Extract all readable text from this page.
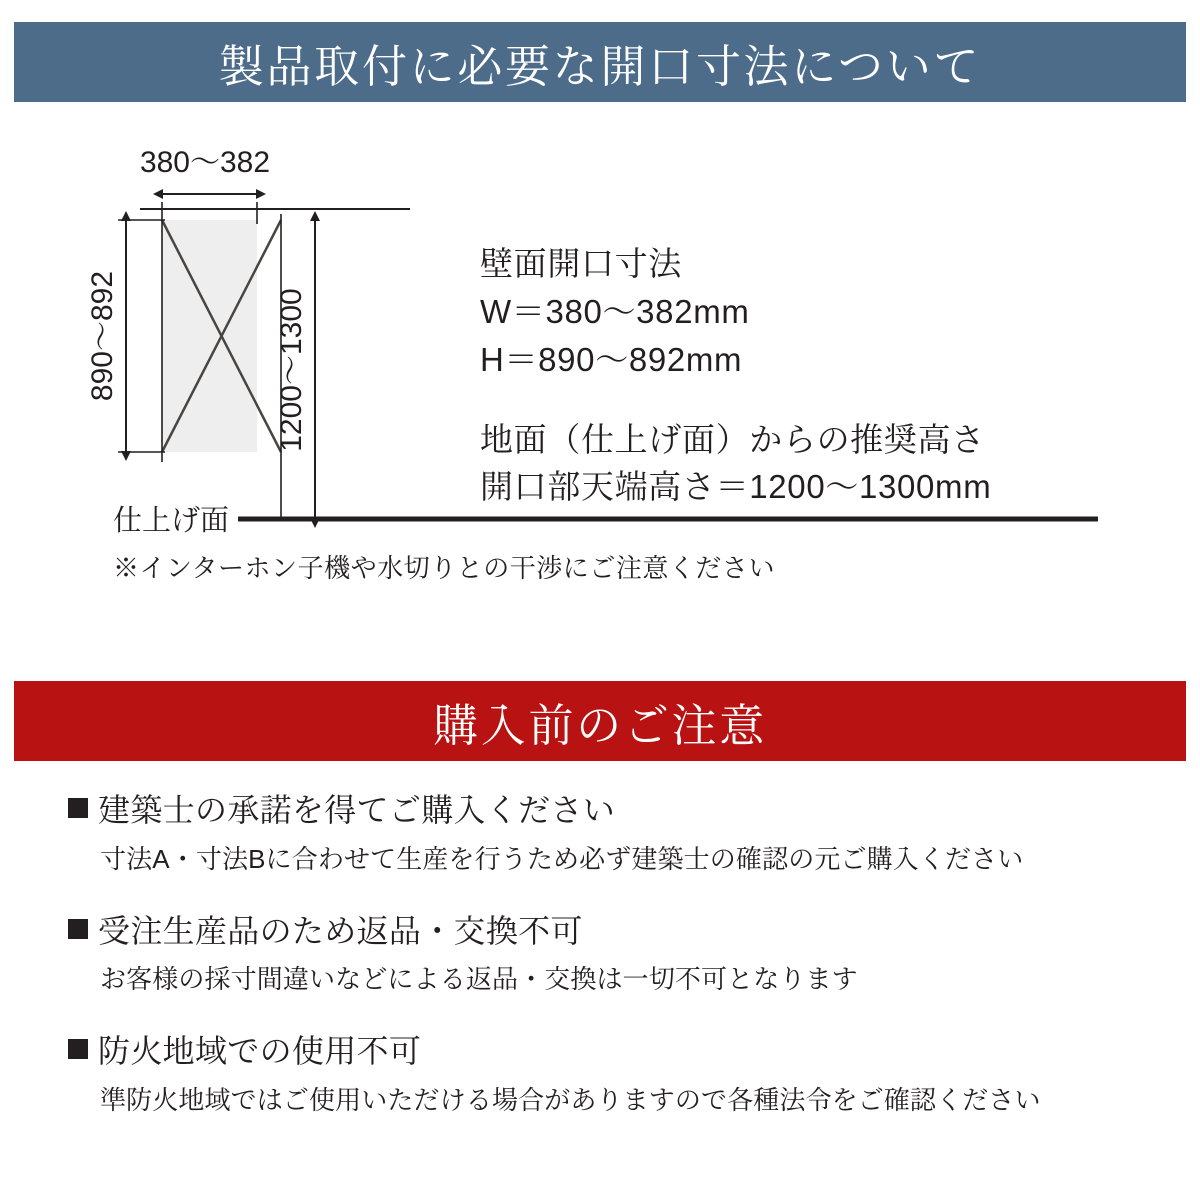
製品取付に必要な開口寸法について
380〜382
890〜892	1200〜1300
仕上げ面
壁面開口寸法
W＝380〜382mm
H＝890〜892mm
地面（仕上げ面）からの推奨高さ
開口部天端高さ＝1200〜1300mm
※インターホン子機や水切りとの干渉にご注意ください
購入前のご注意
建築士の承諾を得てご購入ください
寸法A・寸法Bに合わせて生産を行うため必ず建築士の確認の元ご購入ください
受注生産品のため返品・交換不可
お客様の採寸間違いなどによる返品・交換は一切不可となります
防火地域での使用不可
準防火地域ではご使用いただける場合がありますので各種法令をご確認ください
